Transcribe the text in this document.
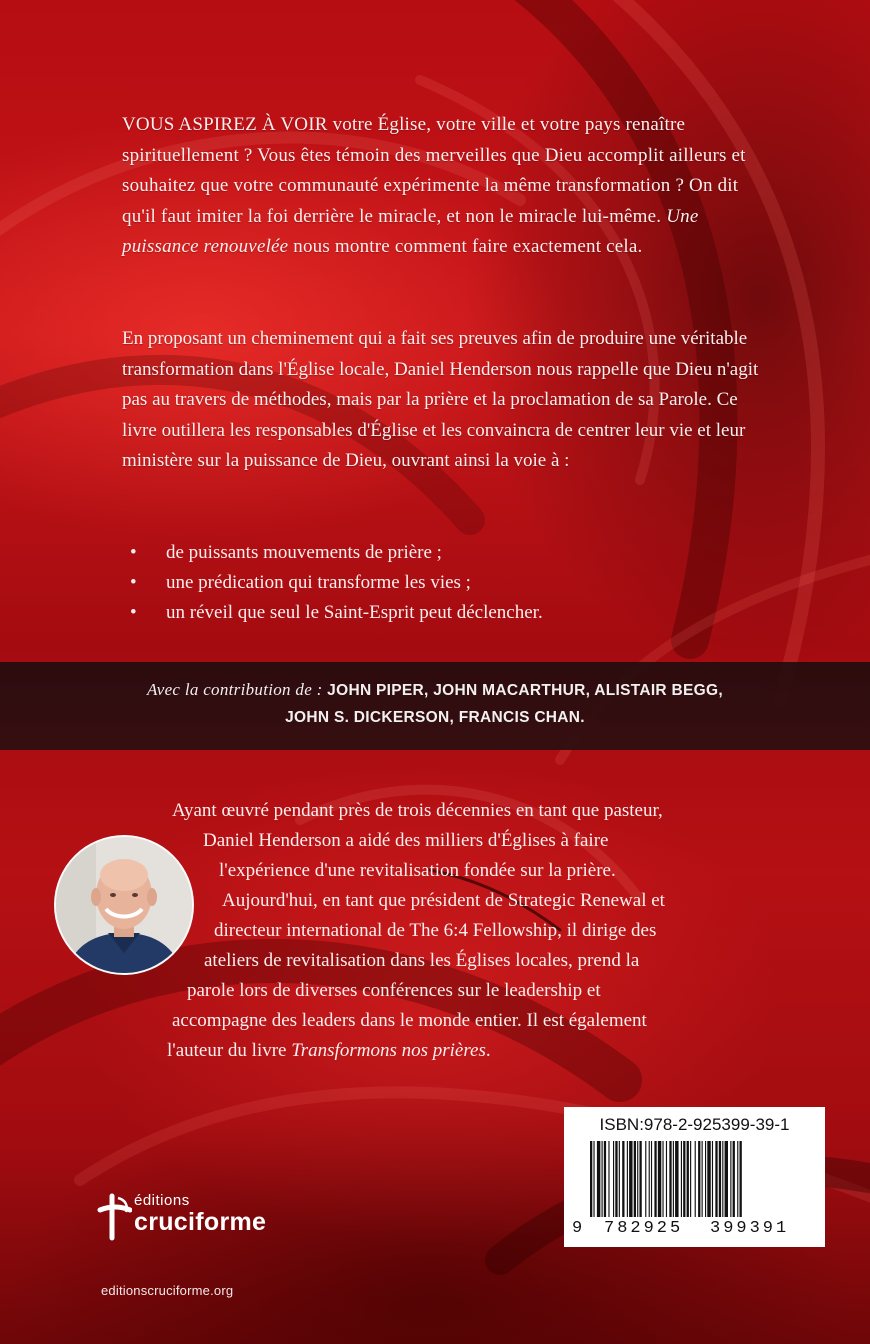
VOUS ASPIREZ À VOIR votre Église, votre ville et votre pays renaître spirituellement ? Vous êtes témoin des merveilles que Dieu accomplit ailleurs et souhaitez que votre communauté expérimente la même transformation ? On dit qu'il faut imiter la foi derrière le miracle, et non le miracle lui-même. Une puissance renouvelée nous montre comment faire exactement cela.

En proposant un cheminement qui a fait ses preuves afin de produire une véritable transformation dans l'Église locale, Daniel Henderson nous rappelle que Dieu n'agit pas au travers de méthodes, mais par la prière et la proclamation de sa Parole. Ce livre outillera les responsables d'Église et les convaincra de centrer leur vie et leur ministère sur la puissance de Dieu, ouvrant ainsi la voie à :

• de puissants mouvements de prière ;
• une prédication qui transforme les vies ;
• un réveil que seul le Saint-Esprit peut déclencher.
Avec la contribution de : JOHN PIPER, JOHN MACARTHUR, ALISTAIR BEGG,
JOHN S. DICKERSON, FRANCIS CHAN.
Ayant œuvré pendant près de trois décennies en tant que pasteur,
Daniel Henderson a aidé des milliers d'Églises à faire
l'expérience d'une revitalisation fondée sur la prière.
Aujourd'hui, en tant que président de Strategic Renewal et
directeur international de The 6:4 Fellowship, il dirige des
ateliers de revitalisation dans les Églises locales, prend la
parole lors de diverses conférences sur le leadership et
accompagne des leaders dans le monde entier. Il est également
l'auteur du livre Transformons nos prières.
ISBN:978-2-925399-39-1
9 782925 399391
éditions
cruciforme
editionscruciforme.org
